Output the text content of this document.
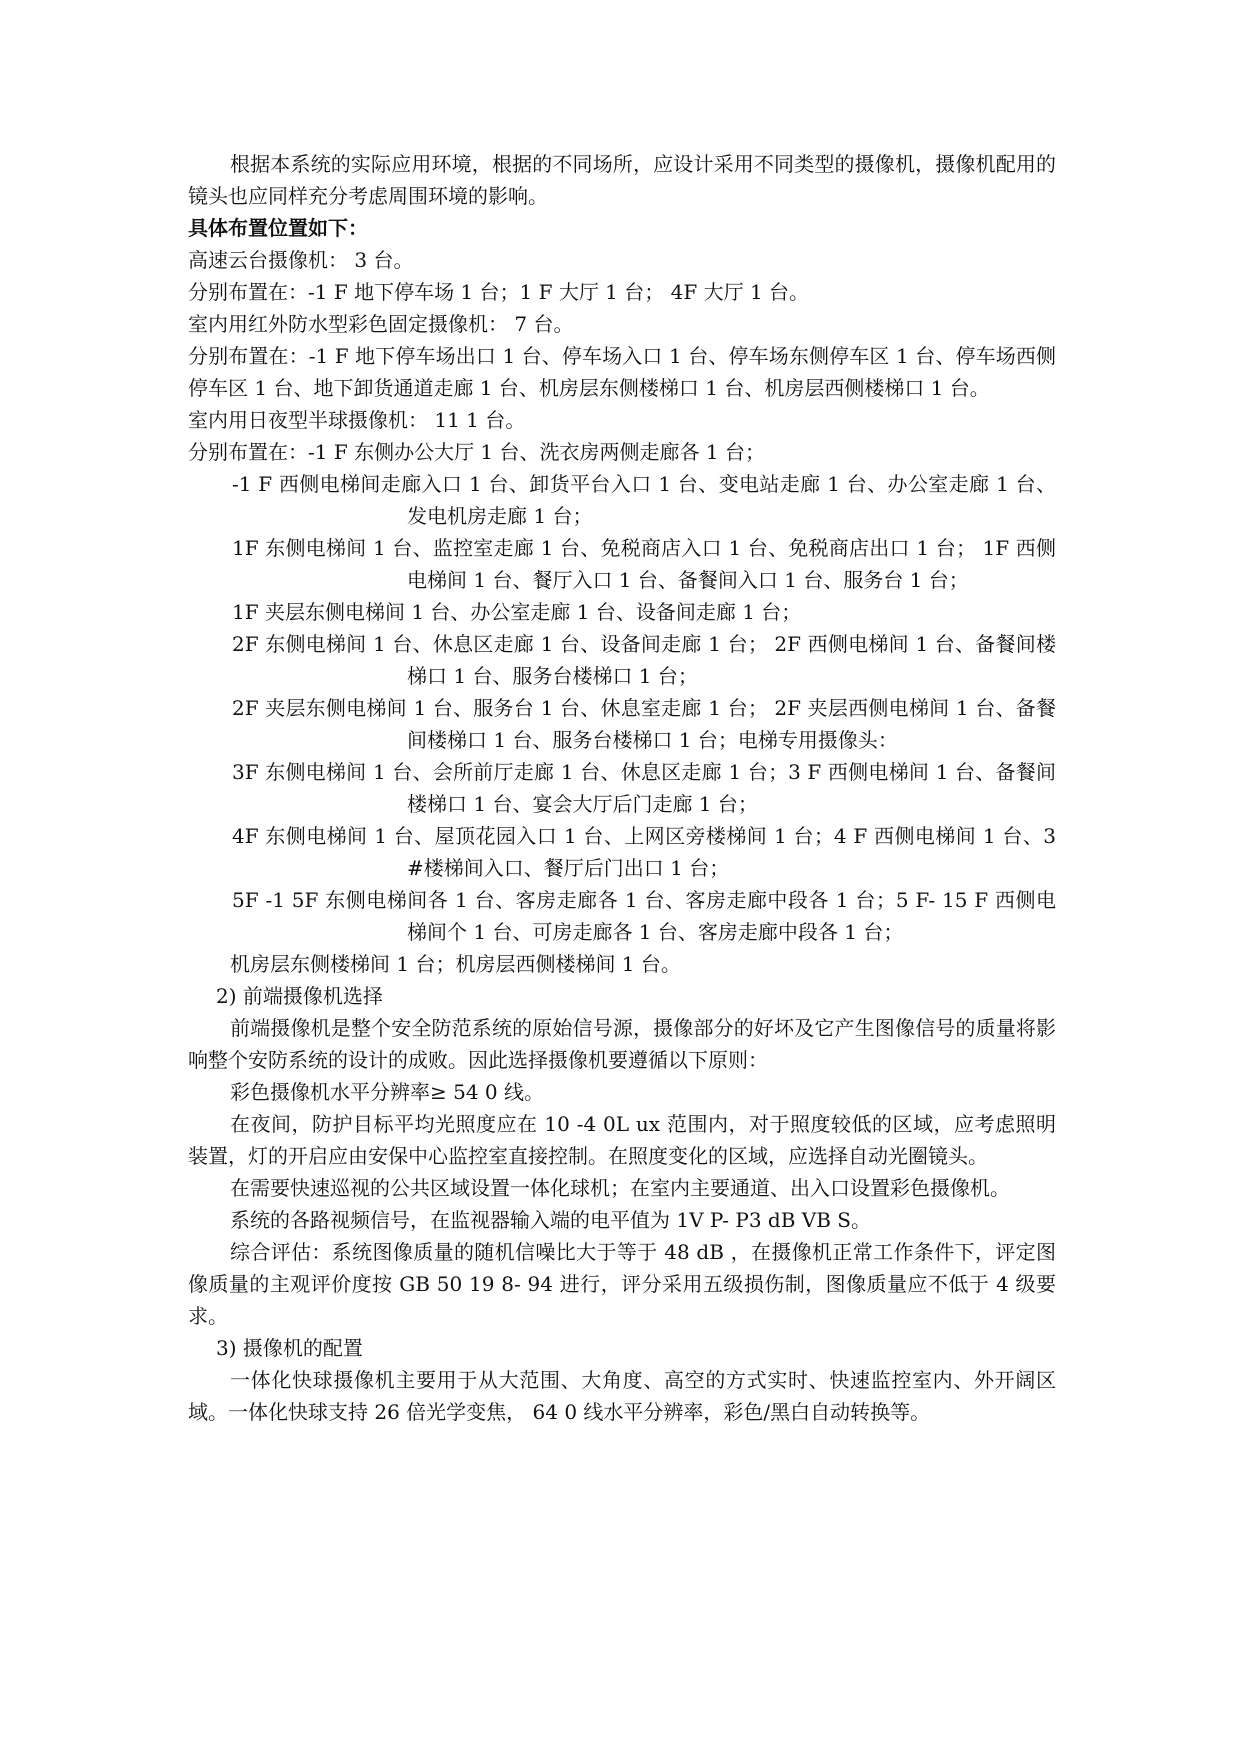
根据本系统的实际应用环境，根据的不同场所，应设计采用不同类型的摄像机，摄像机配用的镜头也应同样充分考虑周围环境的影响。

具体布置位置如下：

高速云台摄像机： 3 台。

分别布置在：-1 F 地下停车场 1 台；1 F 大厅 1 台； 4F 大厅 1 台。

室内用红外防水型彩色固定摄像机： 7 台。

分别布置在：-1 F 地下停车场出口 1 台、停车场入口 1 台、停车场东侧停车区 1 台、停车场西侧停车区 1 台、地下卸货通道走廊 1 台、机房层东侧楼梯口 1 台、机房层西侧楼梯口 1 台。

室内用日夜型半球摄像机： 11 1 台。

分别布置在：-1 F 东侧办公大厅 1 台、洗衣房两侧走廊各 1 台；

-1 F 西侧电梯间走廊入口 1 台、卸货平台入口 1 台、变电站走廊 1 台、办公室走廊 1 台、发电机房走廊 1 台；

1F 东侧电梯间 1 台、监控室走廊 1 台、免税商店入口 1 台、免税商店出口 1 台； 1F 西侧电梯间 1 台、餐厅入口 1 台、备餐间入口 1 台、服务台 1 台；

1F 夹层东侧电梯间 1 台、办公室走廊 1 台、设备间走廊 1 台；

2F 东侧电梯间 1 台、休息区走廊 1 台、设备间走廊 1 台； 2F 西侧电梯间 1 台、备餐间楼梯口 1 台、服务台楼梯口 1 台；

2F 夹层东侧电梯间 1 台、服务台 1 台、休息室走廊 1 台； 2F 夹层西侧电梯间 1 台、备餐间楼梯口 1 台、服务台楼梯口 1 台；电梯专用摄像头：

3F 东侧电梯间 1 台、会所前厅走廊 1 台、休息区走廊 1 台；3 F 西侧电梯间 1 台、备餐间楼梯口 1 台、宴会大厅后门走廊 1 台；

4F 东侧电梯间 1 台、屋顶花园入口 1 台、上网区旁楼梯间 1 台；4 F 西侧电梯间 1 台、3 #楼梯间入口、餐厅后门出口 1 台；

5F -1 5F 东侧电梯间各 1 台、客房走廊各 1 台、客房走廊中段各 1 台；5 F- 15 F 西侧电梯间个 1 台、可房走廊各 1 台、客房走廊中段各 1 台；

机房层东侧楼梯间 1 台；机房层西侧楼梯间 1 台。

2) 前端摄像机选择

前端摄像机是整个安全防范系统的原始信号源，摄像部分的好坏及它产生图像信号的质量将影响整个安防系统的设计的成败。因此选择摄像机要遵循以下原则：

彩色摄像机水平分辨率≥ 54 0 线。

在夜间，防护目标平均光照度应在 10 -4 0L ux 范围内，对于照度较低的区域，应考虑照明装置，灯的开启应由安保中心监控室直接控制。在照度变化的区域，应选择自动光圈镜头。

在需要快速巡视的公共区域设置一体化球机；在室内主要通道、出入口设置彩色摄像机。

系统的各路视频信号，在监视器输入端的电平值为 1V P- P3 dB VB S。

综合评估：系统图像质量的随机信噪比大于等于 48 dB ，在摄像机正常工作条件下，评定图像质量的主观评价度按 GB 50 19 8- 94 进行，评分采用五级损伤制，图像质量应不低于 4 级要求。

3) 摄像机的配置

一体化快球摄像机主要用于从大范围、大角度、高空的方式实时、快速监控室内、外开阔区域。一体化快球支持 26 倍光学变焦， 64 0 线水平分辨率，彩色/黑白自动转换等。
